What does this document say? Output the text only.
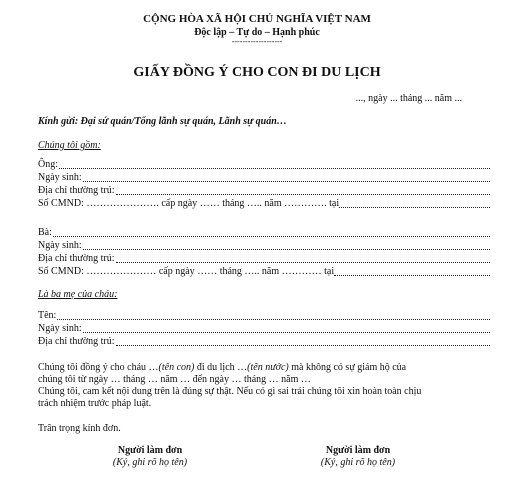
CỘNG HÒA XÃ HỘI CHỦ NGHĨA VIỆT NAM
Độc lập – Tự do – Hạnh phúc
-------------------
GIẤY ĐỒNG Ý CHO CON ĐI DU LỊCH
..., ngày ... tháng ... năm ...
Kính gửi: Đại sứ quán/Tổng lãnh sự quán, Lãnh sự quán…
Chúng tôi gồm:
Ông:
Ngày sinh:
Địa chỉ thường trú:
Số CMND:
………………….
cấp ngày
……
tháng
…..
năm
………….
tại
Bà:
Ngày sinh:
Địa chỉ thường trú:
Số CMND:
…………………
cấp ngày
……
tháng
…..
năm
…………
tại
Là ba mẹ của cháu:
Tên:
Ngày sinh:
Địa chỉ thường trú:
Chúng tôi đồng ý cho cháu …(tên con) đi du lịch …(tên nước) mà không có sự giám hộ của
chúng tôi từ ngày … tháng … năm … đến ngày … tháng … năm …
Chúng tôi, cam kết nội dung trên là đúng sự thật. Nếu có gì sai trái chúng tôi xin hoàn toàn chịu
trách nhiệm trước pháp luật.
Trân trọng kính đơn.
Người làm đơn
(Ký, ghi rõ họ tên)
Người làm đơn
(Ký, ghi rõ họ tên)
